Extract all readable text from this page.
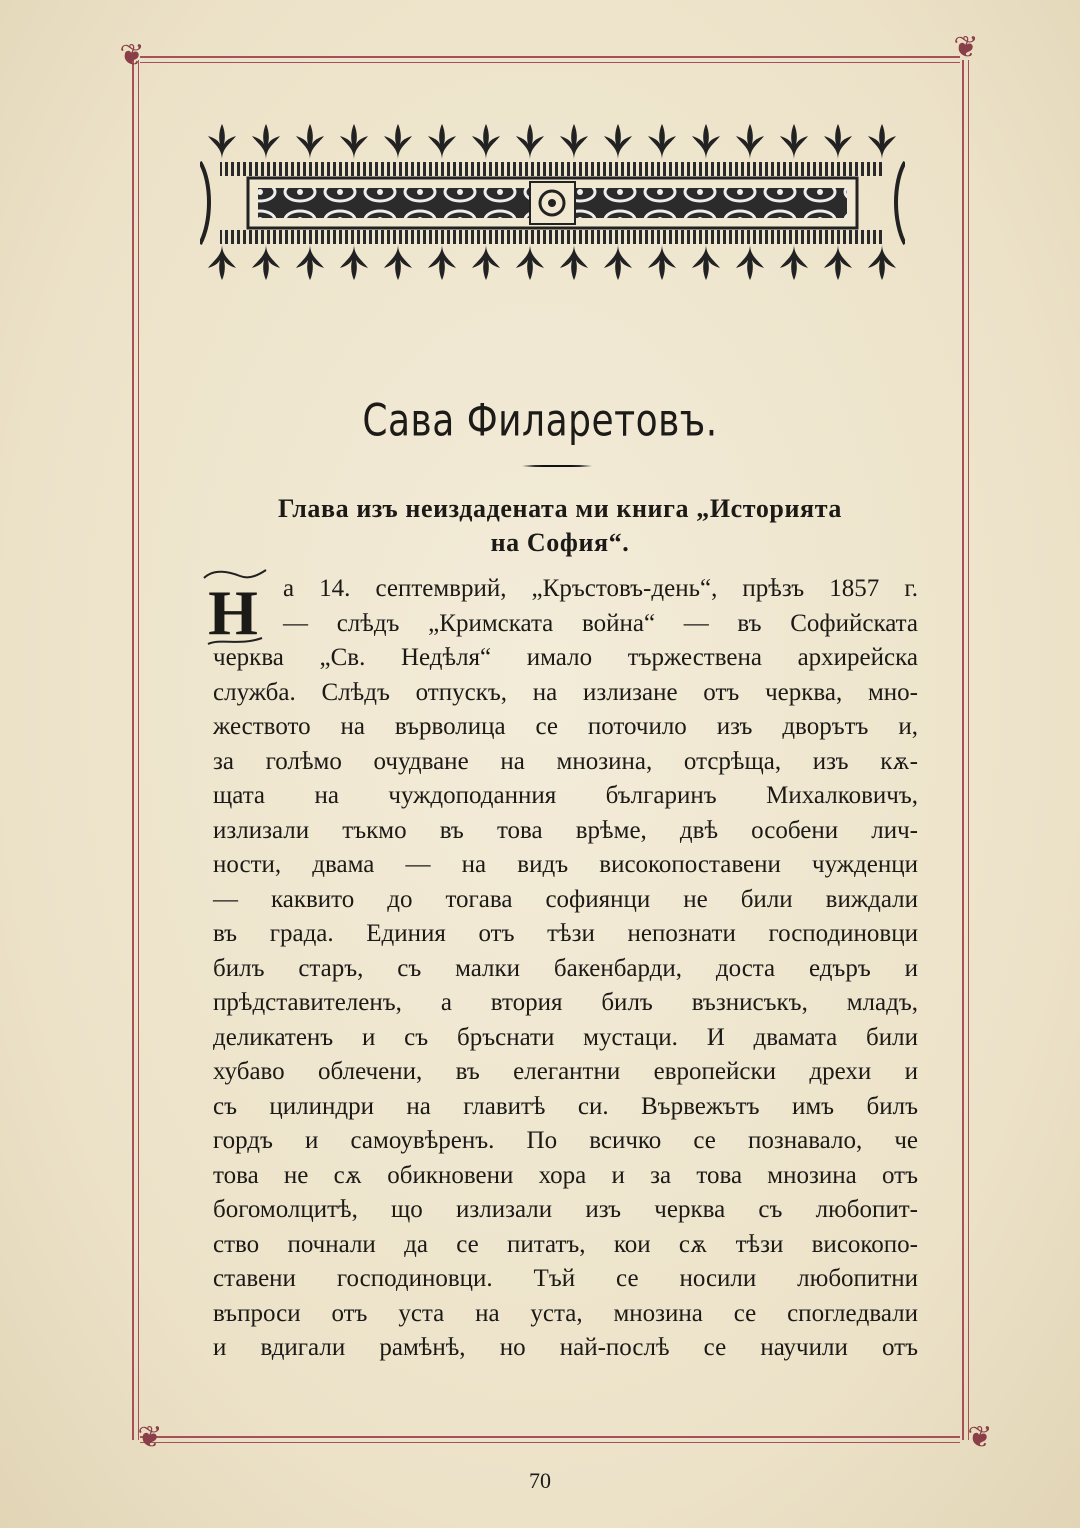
❦	❦
❦	❦
Сава Филаретовъ.
Глава изъ неиздадената ми книга „Историята
на София“.
Н а 14. септемврий, „Кръстовъ-день“, прѣзъ 1857 г.
— слѣдъ „Кримската война“ — въ Софийската
черква „Св. Недѣля“ имало тържествена архирейска
служба. Слѣдъ отпускъ, на излизане отъ черква, мно-
жеството на върволица се поточило изъ дворътъ и,
за голѣмо очудване на мнозина, отсрѣща, изъ кѫ-
щата на чуждоподанния българинъ Михалковичъ,
излизали тъкмо въ това врѣме, двѣ особени лич-
ности, двама — на видъ високопоставени чужденци
— каквито до тогава софиянци не били виждали
въ града. Единия отъ тѣзи непознати господиновци
билъ старъ, съ малки бакенбарди, доста едъръ и
прѣдставителенъ, а втория билъ възнисъкъ, младъ,
деликатенъ и съ бръснати мустаци. И двамата били
хубаво облечени, въ елегантни европейски дрехи и
съ цилиндри на главитѣ си. Вървежътъ имъ билъ
гордъ и самоувѣренъ. По всичко се познавало, че
това не сѫ обикновени хора и за това мнозина отъ
богомолцитѣ, що излизали изъ черква съ любопит-
ство почнали да се питатъ, кои сѫ тѣзи високопо-
ставени господиновци. Тъй се носили любопитни
въпроси отъ уста на уста, мнозина се споглeдвали
и вдигали рамѣнѣ, но най-послѣ се научили отъ
70
